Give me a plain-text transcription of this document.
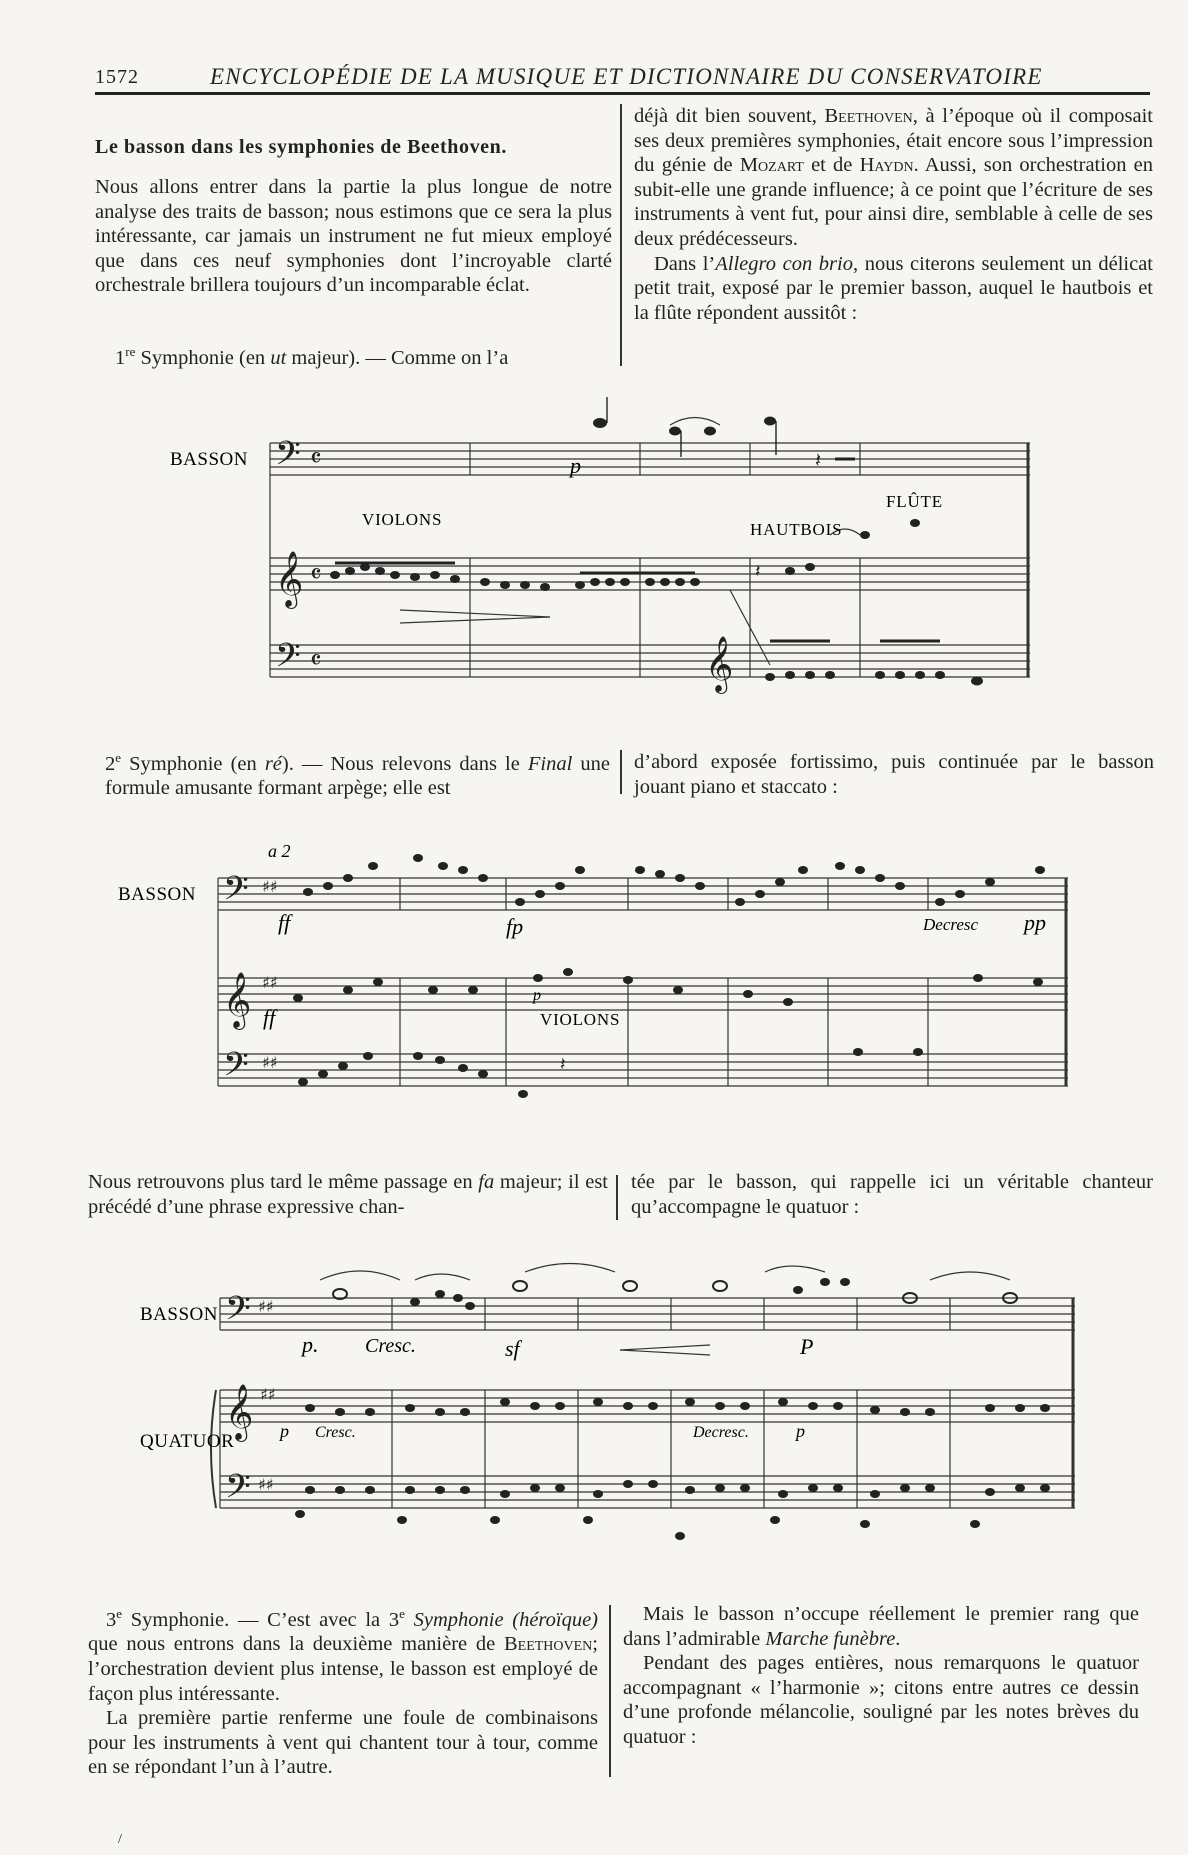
1572	ENCYCLOPÉDIE DE LA MUSIQUE ET DICTIONNAIRE DU CONSERVATOIRE
Le basson dans les symphonies de Beethoven.

Nous allons entrer dans la partie la plus longue de notre analyse des traits de basson; nous estimons que ce sera la plus intéressante, car jamais un instrument ne fut mieux employé que dans ces neuf symphonies dont l’incroyable clarté orchestrale brillera toujours d’un incomparable éclat.

1re Symphonie (en ut majeur). — Comme on l’a

déjà dit bien souvent, Beethoven, à l’époque où il composait ses deux premières symphonies, était encore sous l’impression du génie de Mozart et de Haydn. Aussi, son orchestration en subit-elle une grande influence; à ce point que l’écriture de ses instruments à vent fut, pour ainsi dire, semblable à celle de ses deux prédécesseurs.

Dans l’Allegro con brio, nous citerons seulement un délicat petit trait, exposé par le premier basson, auquel le hautbois et la flûte répondent aussitôt :

𝄢 𝄴
𝄞 𝄴
𝄢 𝄴	𝄞
𝄽
𝄽
BASSON
VIOLONS
HAUTBOIS
FLÛTE
p

2e Symphonie (en ré). — Nous relevons dans le Final une formule amusante formant arpège; elle est

d’abord exposée fortissimo, puis continuée par le basson jouant piano et staccato :

𝄢 ♯♯
𝄞 ♯♯
𝄢 ♯♯	𝄽
BASSON
a 2
ff
ff
fp
p
VIOLONS
Decresc pp

Nous retrouvons plus tard le même passage en fa majeur; il est précédé d’une phrase expressive chan-

tée par le basson, qui rappelle ici un véritable chanteur qu’accompagne le quatuor :

𝄢 ♯♯
𝄞 ♯♯
𝄢 ♯♯
BASSON
QUATUOR
p. Cresc.	sf	P
p Cresc.	Decresc.	p

3e Symphonie. — C’est avec la 3e Symphonie (héroïque) que nous entrons dans la deuxième manière de Beethoven; l’orchestration devient plus intense, le basson est employé de façon plus intéressante.

La première partie renferme une foule de combinaisons pour les instruments à vent qui chantent tour à tour, comme en se répondant l’un à l’autre.

Mais le basson n’occupe réellement le premier rang que dans l’admirable Marche funèbre.

Pendant des pages entières, nous remarquons le quatuor accompagnant « l’harmonie »; citons entre autres ce dessin d’une profonde mélancolie, souligné par les notes brèves du quatuor :

/
